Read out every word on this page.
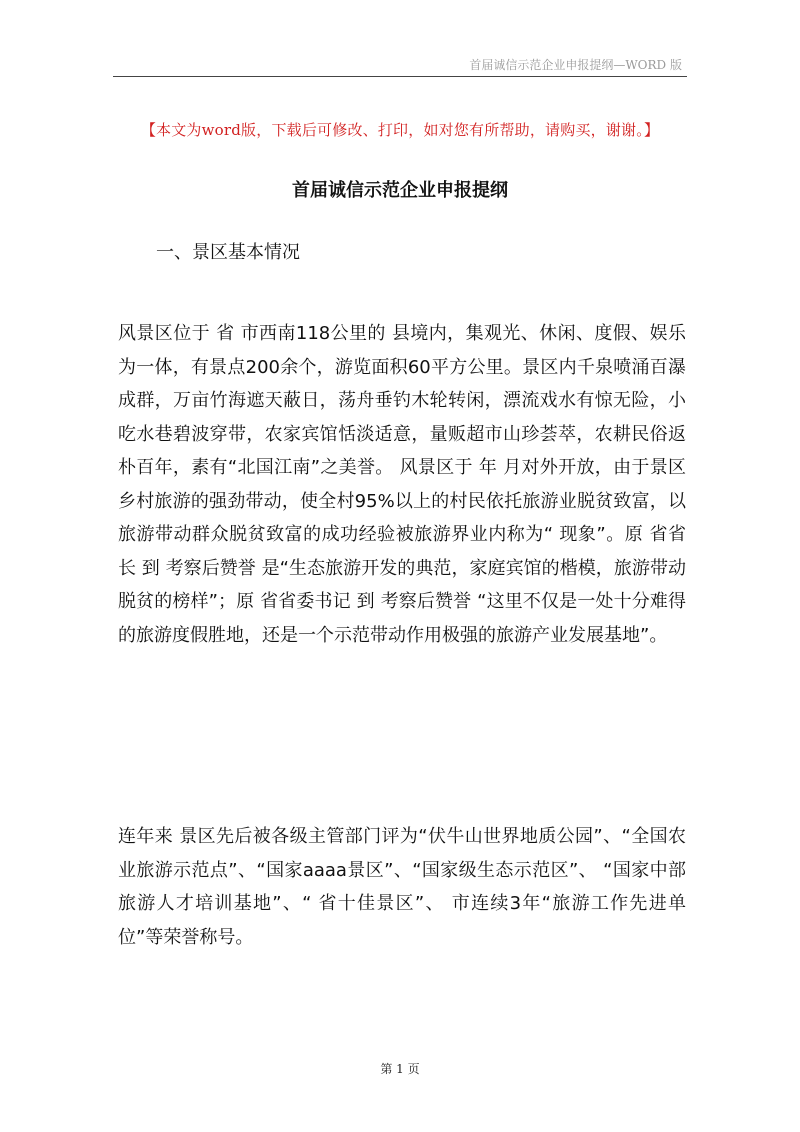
首届诚信示范企业申报提纲—WORD 版
【本文为word版，下载后可修改、打印，如对您有所帮助，请购买，谢谢。】
首届诚信示范企业申报提纲
一、景区基本情况

风景区位于 省 市西南118公里的 县境内，集观光、休闲、度假、娱乐为一体，有景点200余个，游览面积60平方公里。景区内千泉喷涌百瀑成群，万亩竹海遮天蔽日，荡舟垂钓木轮转闲，漂流戏水有惊无险，小吃水巷碧波穿带，农家宾馆恬淡适意，量贩超市山珍荟萃，农耕民俗返朴百年，素有“北国江南”之美誉。 风景区于 年 月对外开放，由于景区乡村旅游的强劲带动，使全村95%以上的村民依托旅游业脱贫致富，以旅游带动群众脱贫致富的成功经验被旅游界业内称为“ 现象”。原 省省长 到 考察后赞誉 是“生态旅游开发的典范，家庭宾馆的楷模，旅游带动脱贫的榜样”；原 省省委书记 到 考察后赞誉 “这里不仅是一处十分难得的旅游度假胜地，还是一个示范带动作用极强的旅游产业发展基地”。

连年来 景区先后被各级主管部门评为“伏牛山世界地质公园”、“全国农业旅游示范点”、“国家aaaa景区”、“国家级生态示范区”、 “国家中部旅游人才培训基地”、“ 省十佳景区”、 市连续3年“旅游工作先进单位”等荣誉称号。

第 1 页
